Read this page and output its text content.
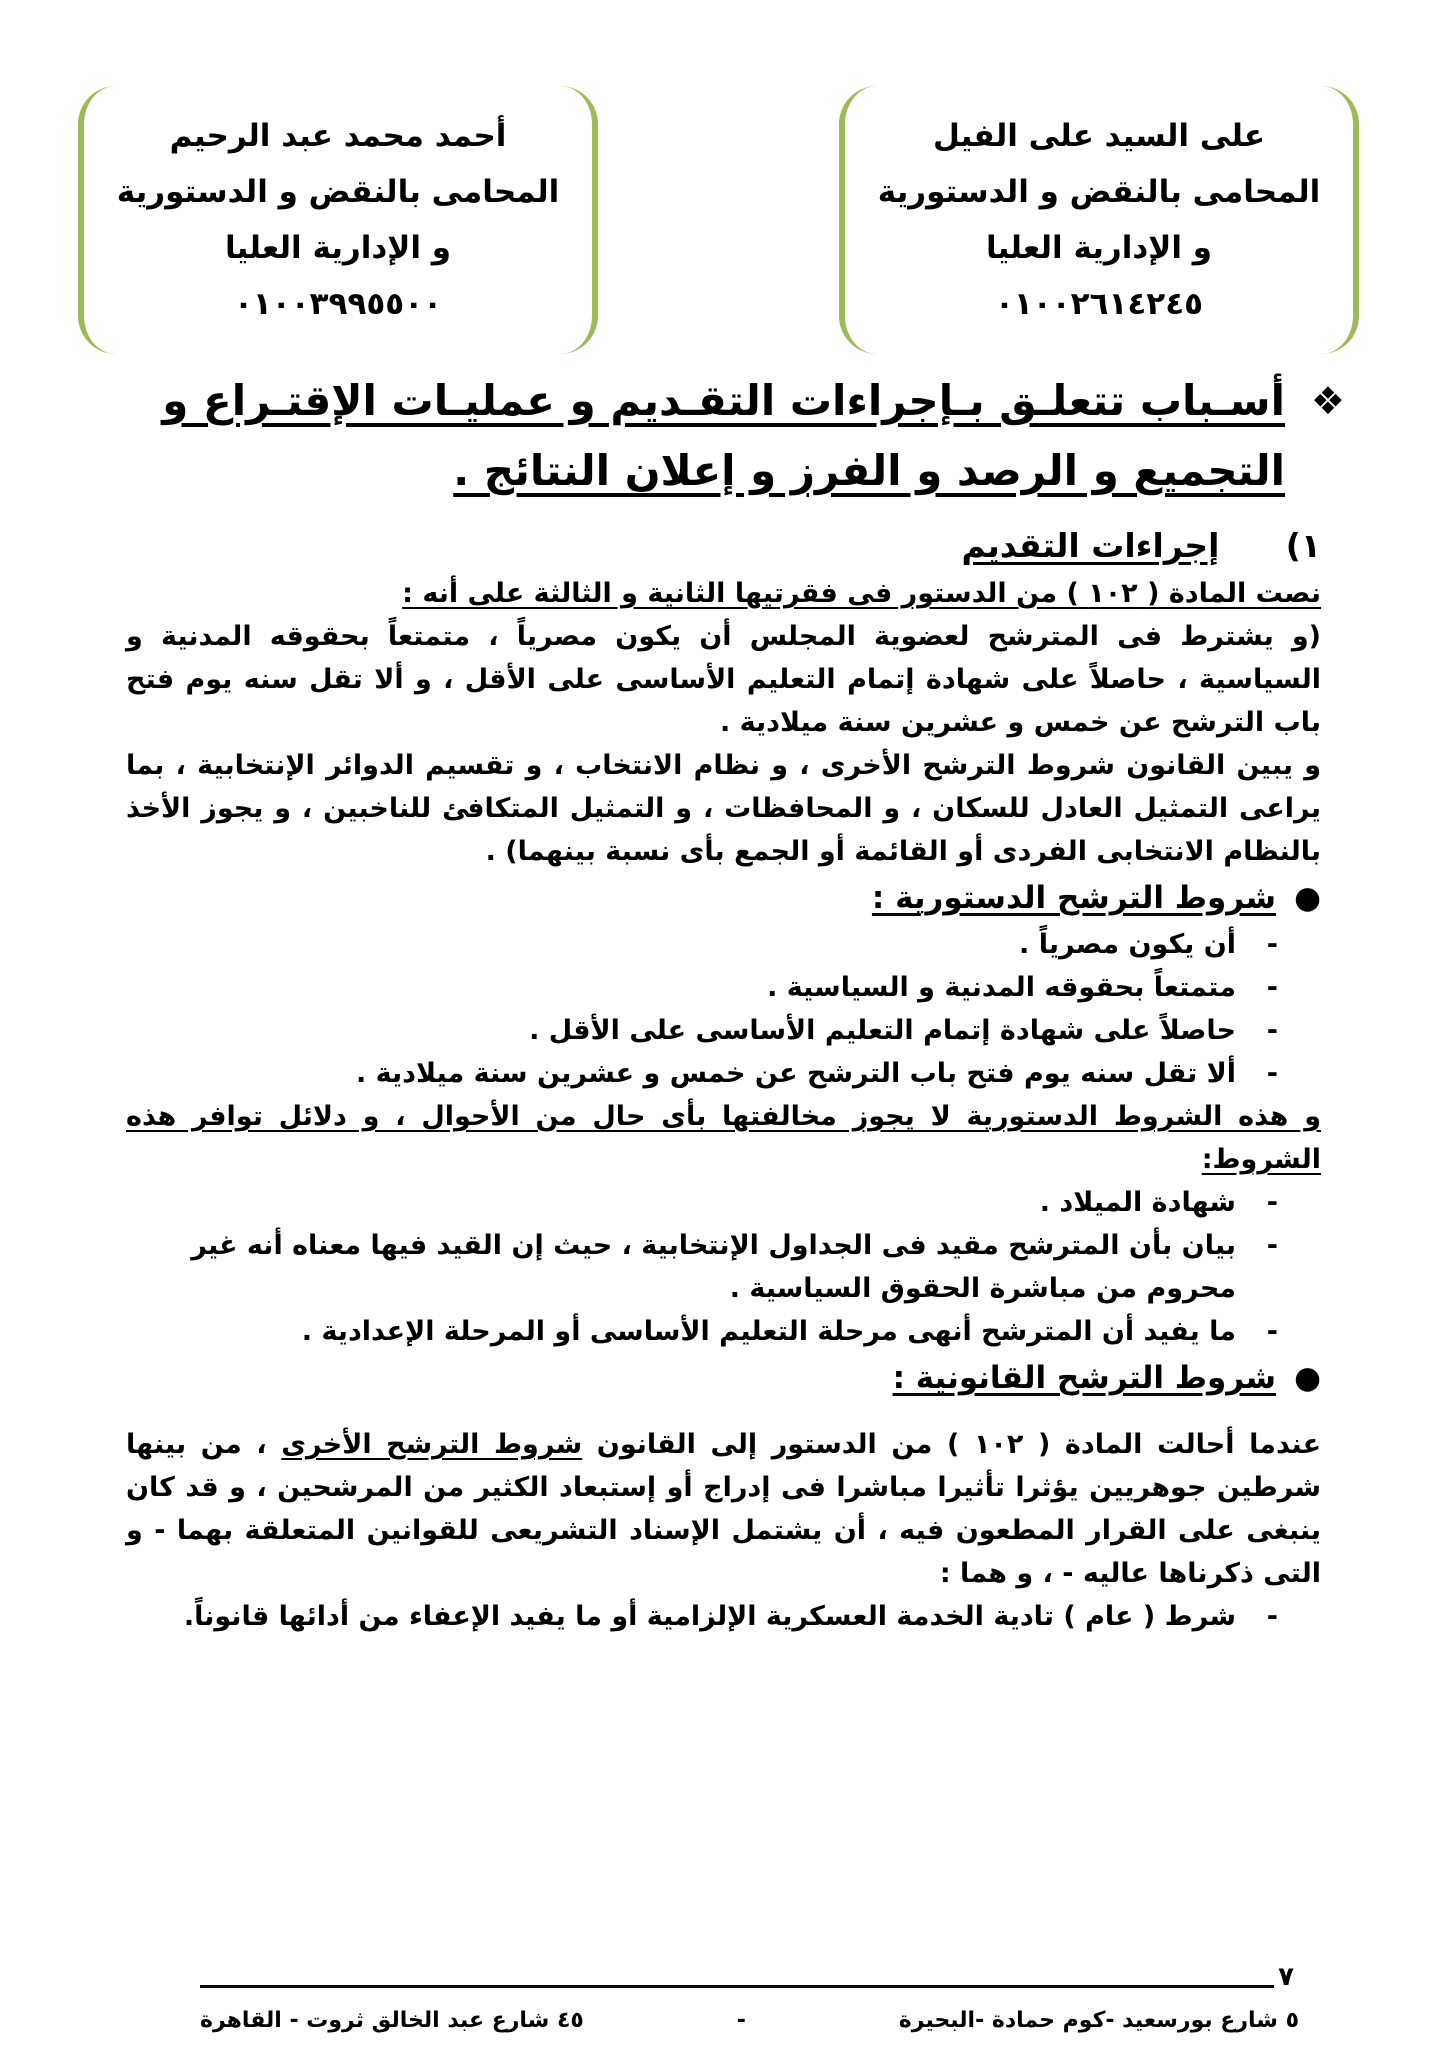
على السيد على الفيل
المحامى بالنقض و الدستورية
و الإدارية العليا
٠١٠٠٢٦١٤٢٤٥
أحمد محمد عبد الرحيم
المحامى بالنقض و الدستورية
و الإدارية العليا
٠١٠٠٣٩٩٥٥٠٠
❖
أسـباب تتعلـق بـإجراءات التقـديم و عمليـات الإقتـراع و التجميع و الرصد و الفرز و إعلان النتائج .

١) إجراءات التقديم

نصت المادة ( ١٠٢ ) من الدستور فى فقرتيها الثانية و الثالثة على أنه :

(و يشترط فى المترشح لعضوية المجلس أن يكون مصرياً ، متمتعاً بحقوقه المدنية و السياسية ، حاصلاً على شهادة إتمام التعليم الأساسى على الأقل ، و ألا تقل سنه يوم فتح باب الترشح عن خمس و عشرين سنة ميلادية .

و يبين القانون شروط الترشح الأخرى ، و نظام الانتخاب ، و تقسيم الدوائر الإنتخابية ، بما يراعى التمثيل العادل للسكان ، و المحافظات ، و التمثيل المتكافئ للناخبين ، و يجوز الأخذ بالنظام الانتخابى الفردى أو القائمة أو الجمع بأى نسبة بينهما) .

●
شروط الترشح الدستورية :

- أن يكون مصرياً .
- متمتعاً بحقوقه المدنية و السياسية .
- حاصلاً على شهادة إتمام التعليم الأساسى على الأقل .
- ألا تقل سنه يوم فتح باب الترشح عن خمس و عشرين سنة ميلادية .

و هذه الشروط الدستورية لا يجوز مخالفتها بأى حال من الأحوال ، و دلائل توافر هذه الشروط:

- شهادة الميلاد .
- بيان بأن المترشح مقيد فى الجداول الإنتخابية ، حيث إن القيد فيها معناه أنه غير محروم من مباشرة الحقوق السياسية .
- ما يفيد أن المترشح أنهى مرحلة التعليم الأساسى أو المرحلة الإعدادية .

●
شروط الترشح القانونية :

عندما أحالت المادة ( ١٠٢ ) من الدستور إلى القانون شروط الترشح الأخرى ، من بينها شرطين جوهريين يؤثرا تأثيرا مباشرا فى إدراج أو إستبعاد الكثير من المرشحين ، و قد كان ينبغى على القرار المطعون فيه ، أن يشتمل الإسناد التشريعى للقوانين المتعلقة بهما - و التى ذكرناها عاليه - ، و هما :

- شرط ( عام ) تادية الخدمة العسكرية الإلزامية أو ما يفيد الإعفاء من أدائها قانوناً.
٧
٥ شارع بورسعيد -كوم حمادة -البحيرة
-
٤٥ شارع عبد الخالق ثروت - القاهرة
